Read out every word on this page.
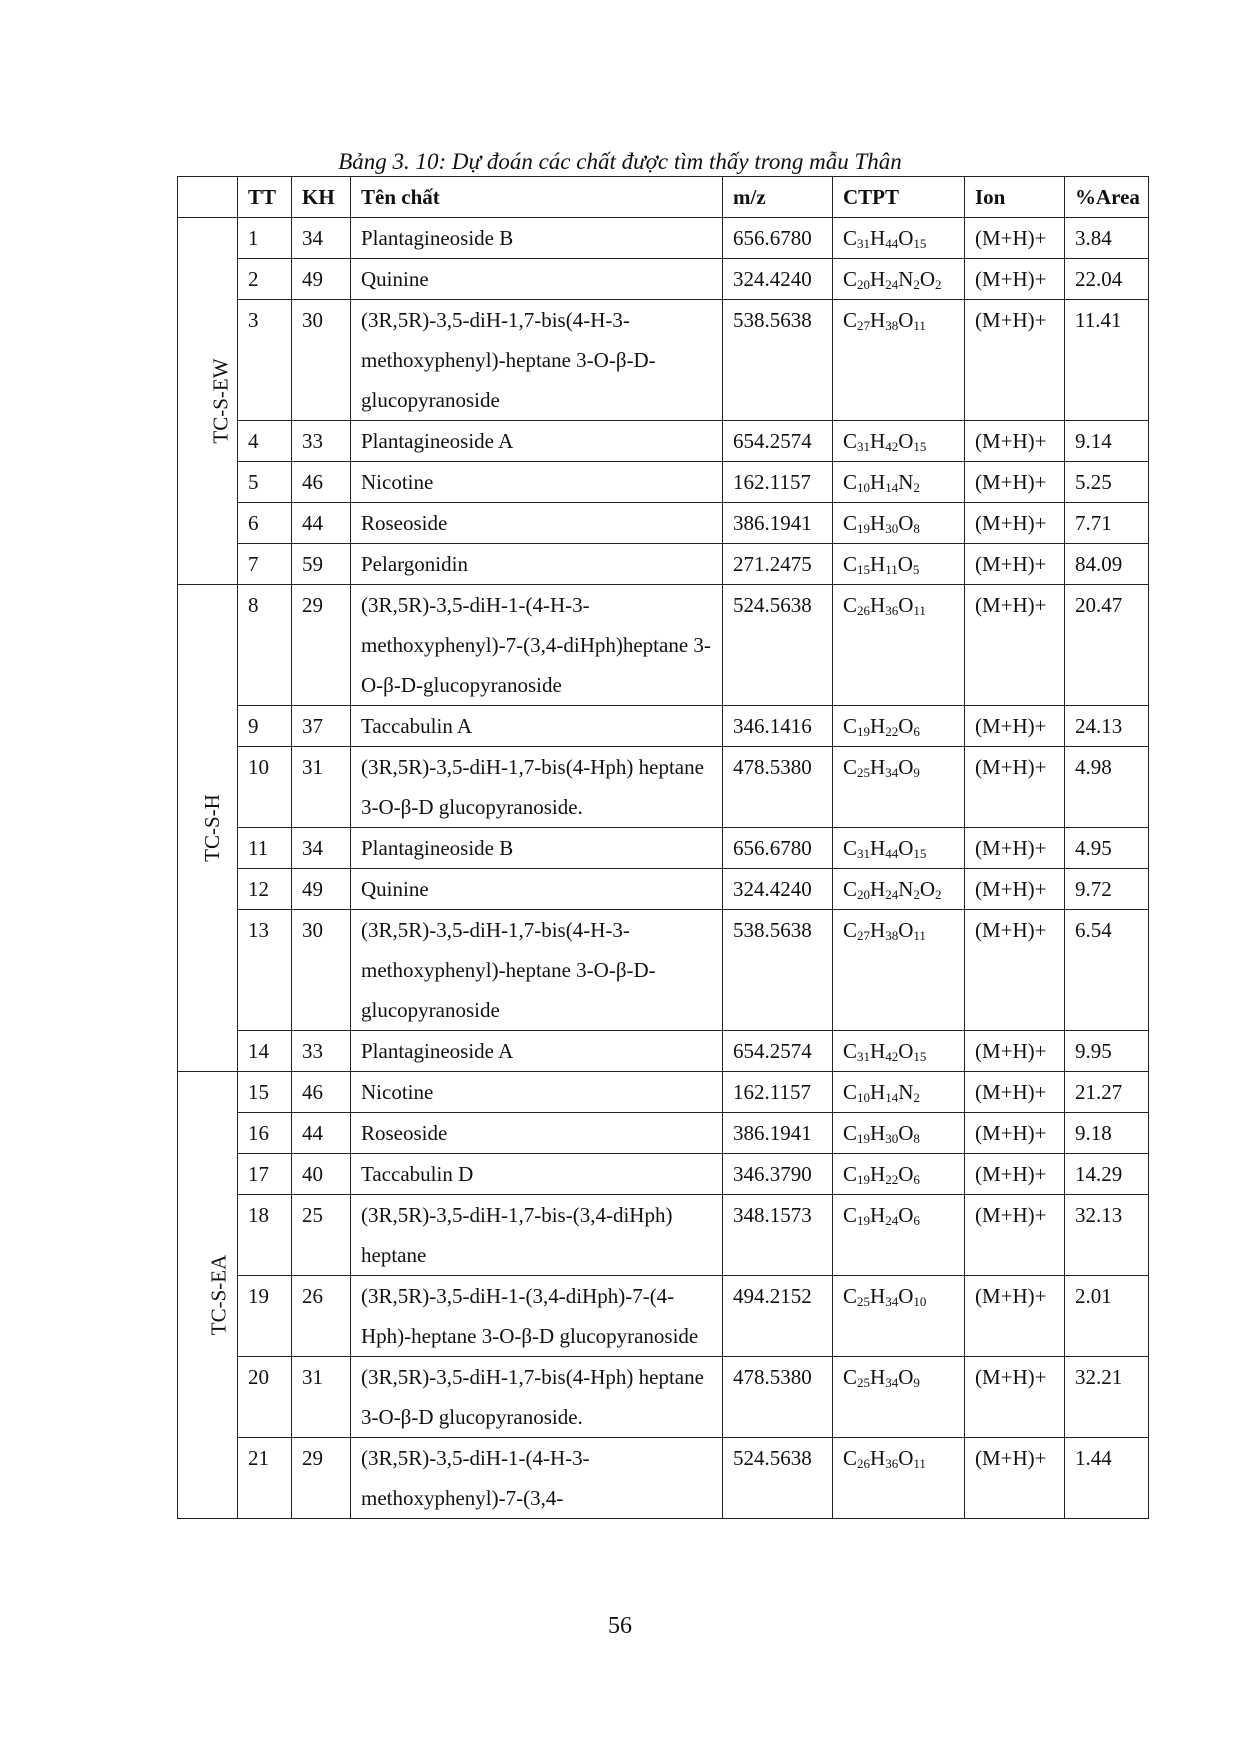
Bảng 3. 10: Dự đoán các chất được tìm thấy trong mẫu Thân
	TT	KH	Tên chất	m/z	CTPT	Ion	%Area
TC-S-EW	1	34	Plantagineoside B	656.6780	$C_{31}H_{44}O_{15}$	(M+H)+	3.84
	2	49	Quinine	324.4240	$C_{20}H_{24}N_2O_2$	(M+H)+	22.04
	3	30	(3R,5R)-3,5-diH-1,7-bis(4-H-3-methoxyphenyl)-heptane 3-O-β-D-glucopyranoside	538.5638	$C_{27}H_{38}O_{11}$	(M+H)+	11.41
	4	33	Plantagineoside A	654.2574	$C_{31}H_{42}O_{15}$	(M+H)+	9.14
	5	46	Nicotine	162.1157	$C_{10}H_{14}N_2$	(M+H)+	5.25
	6	44	Roseoside	386.1941	$C_{19}H_{30}O_8$	(M+H)+	7.71
	7	59	Pelargonidin	271.2475	$C_{15}H_{11}O_5$	(M+H)+	84.09
TC-S-H	8	29	(3R,5R)-3,5-diH-1-(4-H-3-methoxyphenyl)-7-(3,4-diHph)heptane 3-O-β-D-glucopyranoside	524.5638	$C_{26}H_{36}O_{11}$	(M+H)+	20.47
	9	37	Taccabulin A	346.1416	$C_{19}H_{22}O_6$	(M+H)+	24.13
	10	31	(3R,5R)-3,5-diH-1,7-bis(4-Hph) heptane 3-O-β-D glucopyranoside.	478.5380	$C_{25}H_{34}O_9$	(M+H)+	4.98
	11	34	Plantagineoside B	656.6780	$C_{31}H_{44}O_{15}$	(M+H)+	4.95
	12	49	Quinine	324.4240	$C_{20}H_{24}N_2O_2$	(M+H)+	9.72
	13	30	(3R,5R)-3,5-diH-1,7-bis(4-H-3-methoxyphenyl)-heptane 3-O-β-D-glucopyranoside	538.5638	$C_{27}H_{38}O_{11}$	(M+H)+	6.54
	14	33	Plantagineoside A	654.2574	$C_{31}H_{42}O_{15}$	(M+H)+	9.95
TC-S-EA	15	46	Nicotine	162.1157	$C_{10}H_{14}N_2$	(M+H)+	21.27
	16	44	Roseoside	386.1941	$C_{19}H_{30}O_8$	(M+H)+	9.18
	17	40	Taccabulin D	346.3790	$C_{19}H_{22}O_6$	(M+H)+	14.29
	18	25	(3R,5R)-3,5-diH-1,7-bis-(3,4-diHph) heptane	348.1573	$C_{19}H_{24}O_6$	(M+H)+	32.13
	19	26	(3R,5R)-3,5-diH-1-(3,4-diHph)-7-(4-Hph)-heptane 3-O-β-D glucopyranoside	494.2152	$C_{25}H_{34}O_{10}$	(M+H)+	2.01
	20	31	(3R,5R)-3,5-diH-1,7-bis(4-Hph) heptane 3-O-β-D glucopyranoside.	478.5380	$C_{25}H_{34}O_9$	(M+H)+	32.21
	21	29	(3R,5R)-3,5-diH-1-(4-H-3-methoxyphenyl)-7-(3,4-	524.5638	$C_{26}H_{36}O_{11}$	(M+H)+	1.44
56
